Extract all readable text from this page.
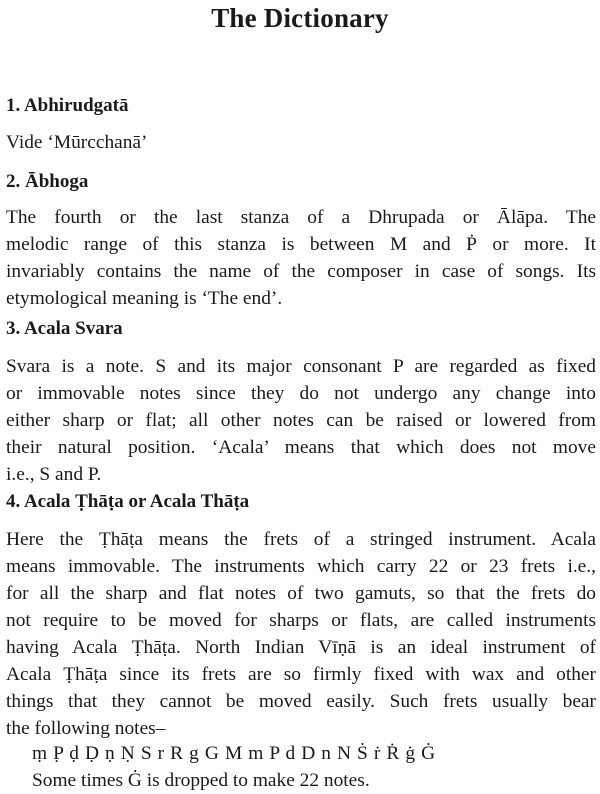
The Dictionary
1. Abhirudgatā
Vide ‘Mūrcchanā’
2. Ābhoga
The fourth or the last stanza of a Dhrupada or Ālāpa. The
melodic range of this stanza is between M and Ṗ or more. It
invariably contains the name of the composer in case of songs. Its
etymological meaning is ‘The end’.
3. Acala Svara
Svara is a note. S and its major consonant P are regarded as fixed
or immovable notes since they do not undergo any change into
either sharp or flat; all other notes can be raised or lowered from
their natural position. ‘Acala’ means that which does not move
i.e., S and P.
4. Acala Ṭhāṭa or Acala Thāṭa
Here the Ṭhāṭa means the frets of a stringed instrument. Acala
means immovable. The instruments which carry 22 or 23 frets i.e.,
for all the sharp and flat notes of two gamuts, so that the frets do
not require to be moved for sharps or flats, are called instruments
having Acala Ṭhāṭa. North Indian Vīṇā is an ideal instrument of
Acala Ṭhāṭa since its frets are so firmly fixed with wax and other
things that they cannot be moved easily. Such frets usually bear
the following notes–
ṃ P̣ ḍ Ḍ ṇ Ṇ S r R g G M m P d D n N Ṡ ṙ Ṙ ġ Ġ
Some times Ġ is dropped to make 22 notes.
